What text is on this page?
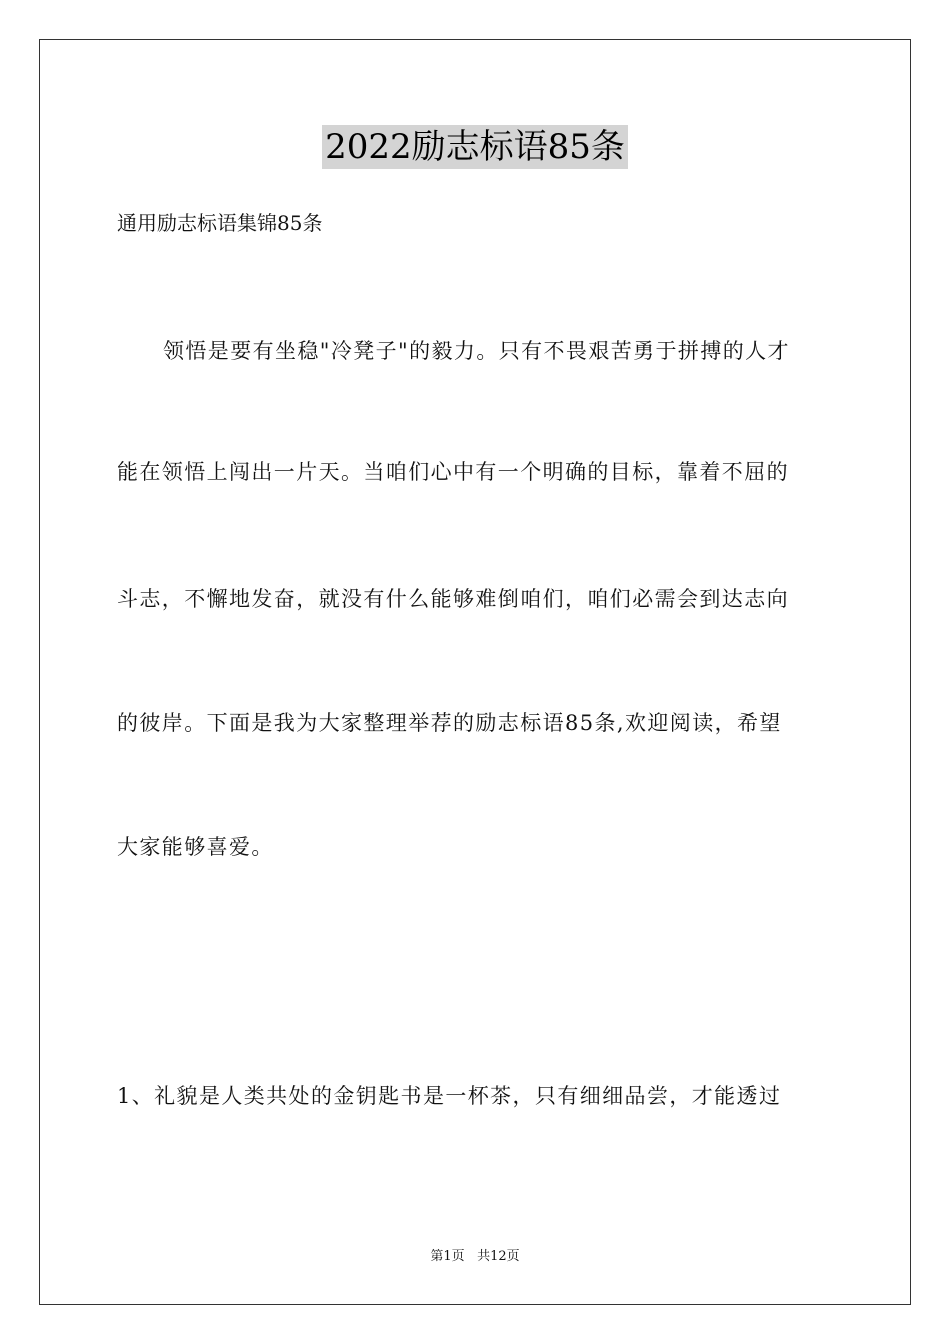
2022励志标语85条
通用励志标语集锦85条
领悟是要有坐稳"冷凳子"的毅力。只有不畏艰苦勇于拼搏的人才
能在领悟上闯出一片天。当咱们心中有一个明确的目标，靠着不屈的
斗志，不懈地发奋，就没有什么能够难倒咱们，咱们必需会到达志向
的彼岸。下面是我为大家整理举荐的励志标语85条,欢迎阅读，希望
大家能够喜爱。
1、礼貌是人类共处的金钥匙书是一杯茶，只有细细品尝，才能透过
第1页 共12页
